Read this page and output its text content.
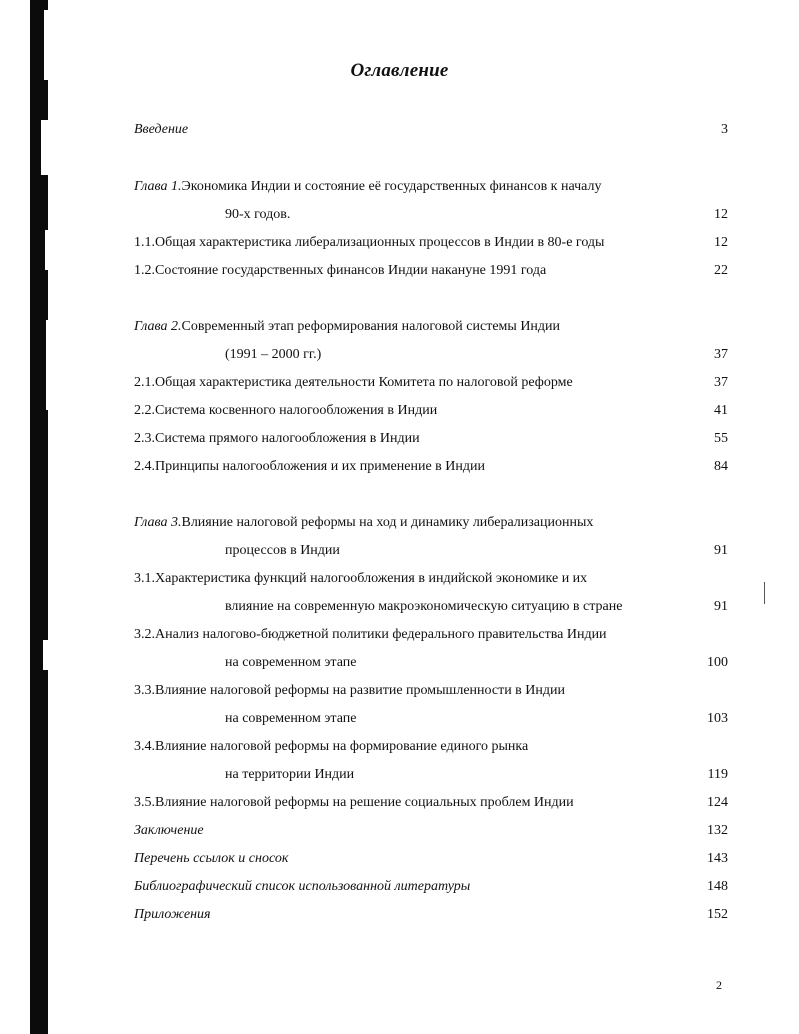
Оглавление
Введение	3
Глава 1.Экономика Индии и состояние её государственных финансов к началу
90-х годов.	12
1.1.Общая характеристика либерализационных процессов в Индии в 80-е годы	12
1.2.Состояние государственных финансов Индии накануне 1991 года	22
Глава 2.Современный этап реформирования налоговой системы Индии
(1991 – 2000 гг.)	37
2.1.Общая характеристика деятельности Комитета по налоговой реформе	37
2.2.Система косвенного налогообложения в Индии	41
2.3.Система прямого налогообложения в Индии	55
2.4.Принципы налогообложения и их применение в Индии	84
Глава 3.Влияние налоговой реформы на ход и динамику либерализационных
процессов в Индии	91
3.1.Характеристика функций налогообложения в индийской экономике и их
влияние на современную макроэкономическую ситуацию в стране	91
3.2.Анализ налогово-бюджетной политики федерального правительства Индии
на современном этапе	100
3.3.Влияние налоговой реформы на развитие промышленности в Индии
на современном этапе	103
3.4.Влияние налоговой реформы на формирование единого рынка
на территории Индии	119
3.5.Влияние налоговой реформы на решение социальных проблем Индии	124
Заключение	132
Перечень ссылок и сносок	143
Библиографический список использованной литературы	148
Приложения	152
2
